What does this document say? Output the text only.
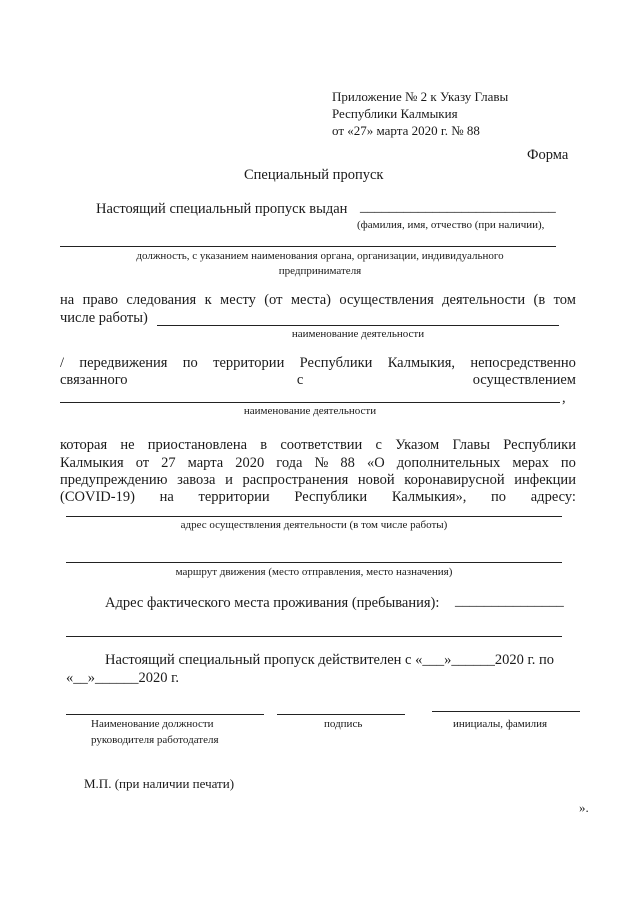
Приложение № 2 к Указу Главы
Республики Калмыкия
от «27» марта 2020 г. № 88
Форма
Специальный пропуск
Настоящий специальный пропуск выдан ___________________________
(фамилия, имя, отчество (при наличии),
должность, с указанием наименования органа, организации, индивидуального
предпринимателя
на право следования к месту (от места) осуществления деятельности (в том
числе работы)
наименование деятельности
/ передвижения по территории Республики Калмыкия, непосредственно
связанного	с	осуществлением
,
наименование деятельности
которая не приостановлена в соответствии с Указом Главы Республики
Калмыкия от 27 марта 2020 года № 88 «О дополнительных мерах по
предупреждению завоза и распространения новой коронавирусной инфекции
(COVID-19) на территории Республики Калмыкия», по адресу:
адрес осуществления деятельности (в том числе работы)
маршрут движения (место отправления, место назначения)
Адрес фактического места проживания (пребывания): _______________
Настоящий специальный пропуск действителен с «___»______2020 г. по
«__»______2020 г.
Наименование должности
руководителя работодателя
подпись	инициалы, фамилия
М.П. (при наличии печати)
».
